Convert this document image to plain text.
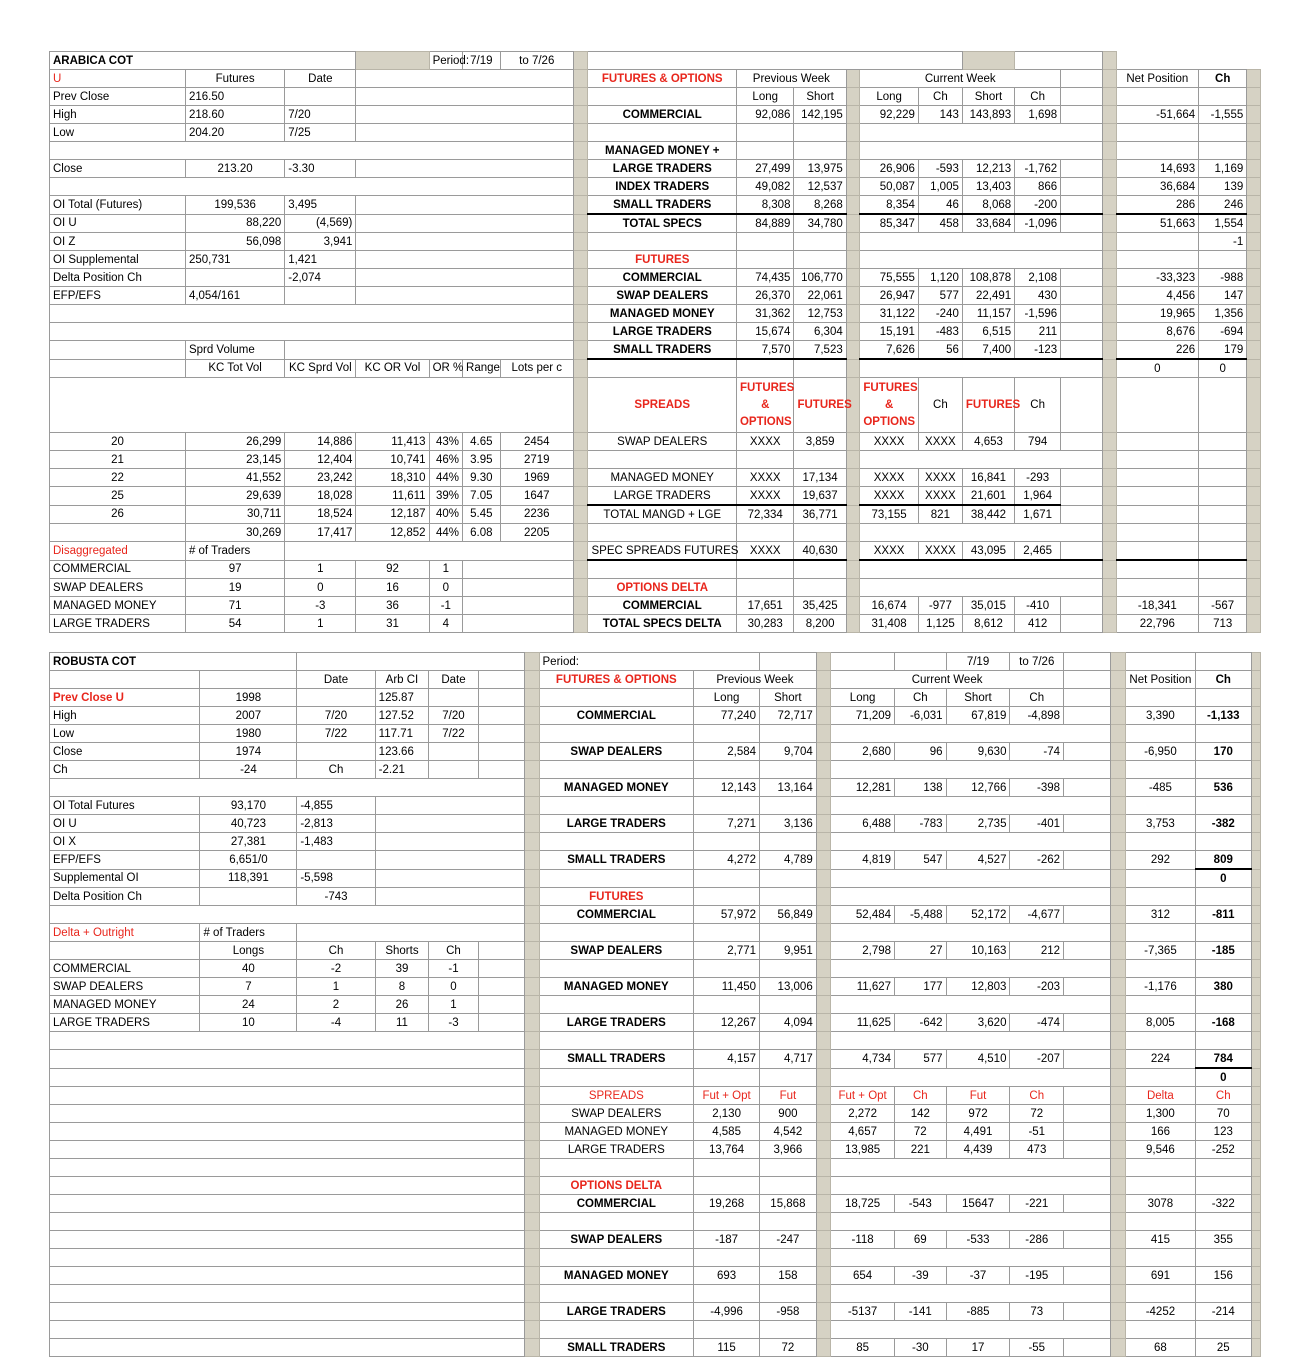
ARABICA COT				Period:	7/19	to 7/26														
U	Futures	Date						FUTURES & OPTIONS	Previous Week			Current Week						Net Position	Ch	
Prev Close	216.50								Long	Short		Long	Ch	Short	Ch					
High	218.60	7/20						COMMERCIAL	92,086	142,195		92,229	143	143,893	1,698			-51,664	-1,555	
Low	204.20	7/25																		
								MANAGED MONEY +												
Close	213.20	-3.30						LARGE TRADERS	27,499	13,975		26,906	-593	12,213	-1,762			14,693	1,169	
								INDEX TRADERS	49,082	12,537		50,087	1,005	13,403	866			36,684	139	
OI Total (Futures)	199,536	3,495						SMALL TRADERS	8,308	8,268		8,354	46	8,068	-200			286	246	
OI U	88,220	(4,569)						TOTAL SPECS	84,889	34,780		85,347	458	33,684	-1,096			51,663	1,554	
OI Z	56,098	3,941																	-1	
OI Supplemental	250,731	1,421						FUTURES												
Delta Position Ch		-2,074						COMMERCIAL	74,435	106,770		75,555	1,120	108,878	2,108			-33,323	-988	
EFP/EFS	4,054/161							SWAP DEALERS	26,370	22,061		26,947	577	22,491	430			4,456	147	
								MANAGED MONEY	31,362	12,753		31,122	-240	11,157	-1,596			19,965	1,356	
								LARGE TRADERS	15,674	6,304		15,191	-483	6,515	211			8,676	-694	
	Sprd Volume							SMALL TRADERS	7,570	7,523		7,626	56	7,400	-123			226	179	
	KC Tot Vol	KC Sprd Vol	KC OR Vol	OR %	Range	Lots per c												0	0	
								SPREADS	FUTURES & OPTIONS	FUTURES		FUTURES & OPTIONS	Ch	FUTURES	Ch					
20	26,299	14,886	11,413	43%	4.65	2454		SWAP DEALERS	XXXX	3,859		XXXX	XXXX	4,653	794					
21	23,145	12,404	10,741	46%	3.95	2719														
22	41,552	23,242	18,310	44%	9.30	1969		MANAGED MONEY	XXXX	17,134		XXXX	XXXX	16,841	-293					
25	29,639	18,028	11,611	39%	7.05	1647		LARGE TRADERS	XXXX	19,637		XXXX	XXXX	21,601	1,964					
26	30,711	18,524	12,187	40%	5.45	2236		TOTAL MANGD + LGE	72,334	36,771		73,155	821	38,442	1,671					
	30,269	17,417	12,852	44%	6.08	2205														
Disaggregated	# of Traders							SPEC SPREADS FUTURES	XXXX	40,630		XXXX	XXXX	43,095	2,465					
COMMERCIAL	97	1	92	1																
SWAP DEALERS	19	0	16	0				OPTIONS DELTA												
MANAGED MONEY	71	-3	36	-1				COMMERCIAL	17,651	35,425		16,674	-977	35,015	-410			-18,341	-567	
LARGE TRADERS	54	1	31	4				TOTAL SPECS DELTA	30,283	8,200		31,408	1,125	8,612	412			22,796	713	
ROBUSTA COT							Period:						7/19	to 7/26					
		Date	Arb CI	Date			FUTURES & OPTIONS	Previous Week			Current Week						Net Position	Ch	
Prev Close U	1998		125.87					Long	Short		Long	Ch	Short	Ch					
High	2007	7/20	127.52	7/20			COMMERCIAL	77,240	72,717		71,209	-6,031	67,819	-4,898			3,390	-1,133	
Low	1980	7/22	117.71	7/22															
Close	1974		123.66				SWAP DEALERS	2,584	9,704		2,680	96	9,630	-74			-6,950	170	
Ch	-24	Ch	-2.21																
							MANAGED MONEY	12,143	13,164		12,281	138	12,766	-398			-485	536	
OI Total Futures	93,170	-4,855																	
OI U	40,723	-2,813					LARGE TRADERS	7,271	3,136		6,488	-783	2,735	-401			3,753	-382	
OI X	27,381	-1,483																	
EFP/EFS	6,651/0						SMALL TRADERS	4,272	4,789		4,819	547	4,527	-262			292	809	
Supplemental OI	118,391	-5,598																0	
Delta Position Ch		-743					FUTURES												
							COMMERCIAL	57,972	56,849		52,484	-5,488	52,172	-4,677			312	-811	
Delta + Outright	# of Traders																		
	Longs	Ch	Shorts	Ch			SWAP DEALERS	2,771	9,951		2,798	27	10,163	212			-7,365	-185	
COMMERCIAL	40	-2	39	-1															
SWAP DEALERS	7	1	8	0			MANAGED MONEY	11,450	13,006		11,627	177	12,803	-203			-1,176	380	
MANAGED MONEY	24	2	26	1															
LARGE TRADERS	10	-4	11	-3			LARGE TRADERS	12,267	4,094		11,625	-642	3,620	-474			8,005	-168	

							SMALL TRADERS	4,157	4,717		4,734	577	4,510	-207			224	784	
																		0	
							SPREADS	Fut + Opt	Fut		Fut + Opt	Ch	Fut	Ch			Delta	Ch	
							SWAP DEALERS	2,130	900		2,272	142	972	72			1,300	70	
							MANAGED MONEY	4,585	4,542		4,657	72	4,491	-51			166	123	
							LARGE TRADERS	13,764	3,966		13,985	221	4,439	473			9,546	-252	

							OPTIONS DELTA												
							COMMERCIAL	19,268	15,868		18,725	-543	15647	-221			3078	-322	

							SWAP DEALERS	-187	-247		-118	69	-533	-286			415	355	

							MANAGED MONEY	693	158		654	-39	-37	-195			691	156	

							LARGE TRADERS	-4,996	-958		-5137	-141	-885	73			-4252	-214	

							SMALL TRADERS	115	72		85	-30	17	-55			68	25	
